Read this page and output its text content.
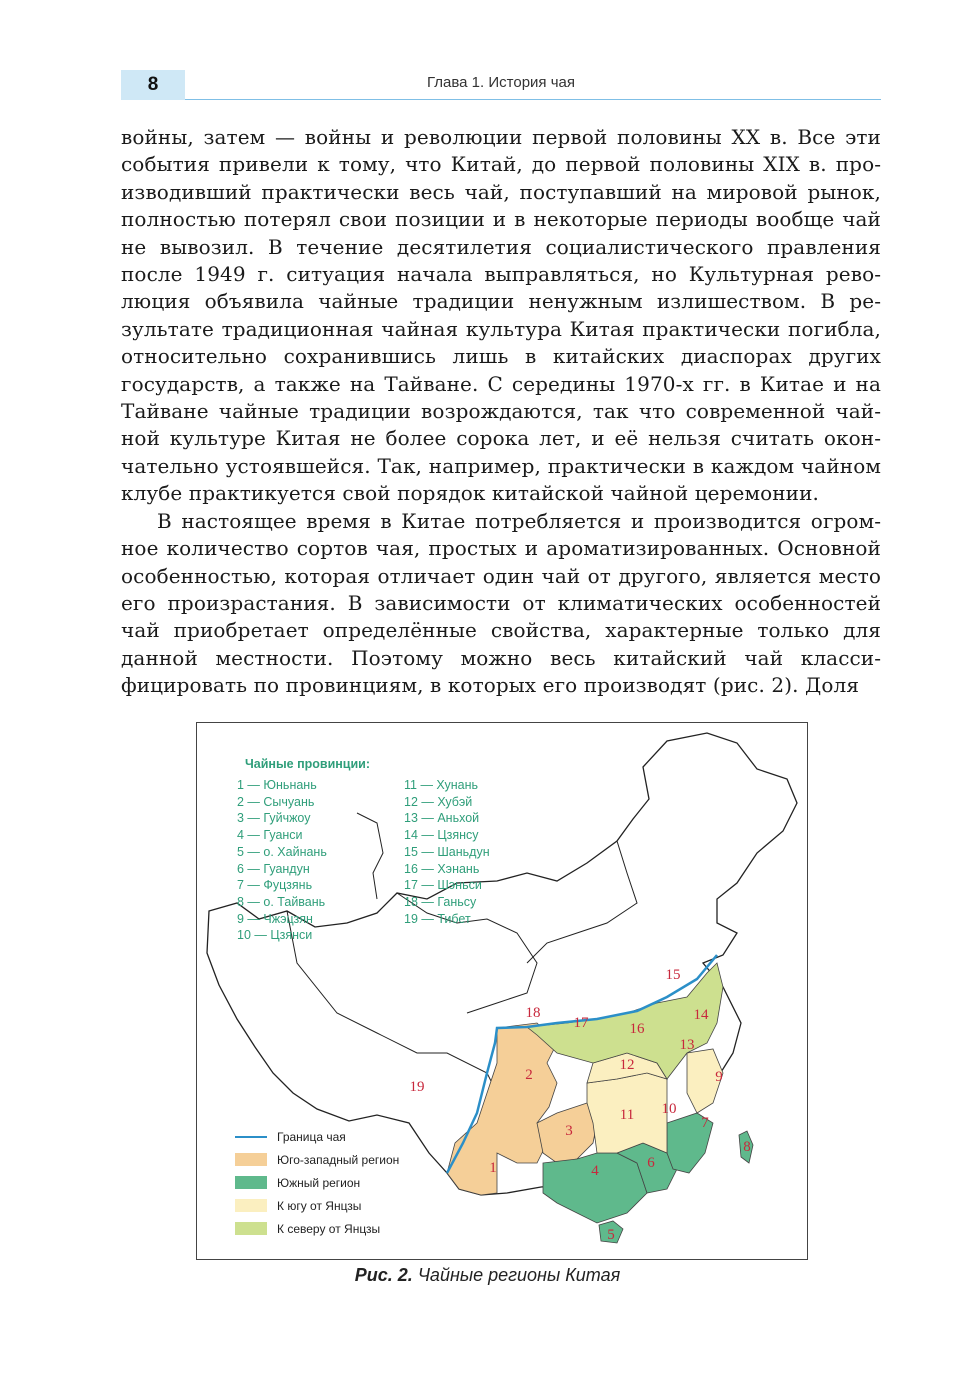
8	Глава 1. История чая

войны, затем — войны и революции первой половины XX в. Все эти события привели к тому, что Китай, до первой половины XIX в. производивший практически весь чай, поступавший на мировой рынок, полностью потерял свои позиции и в некоторые периоды вообще чай не вывозил. В течение десятилетия социалистического правления после 1949 г. ситуация начала выправляться, но Культурная революция объявила чайные традиции ненужным излишеством. В результате традиционная чайная культура Китая практически погибла, относительно сохранившись лишь в китайских диаспорах других государств, а также на Тайване. С середины 1970-х гг. в Китае и на Тайване чайные традиции возрождаются, так что современной чайной культуре Китая не более сорока лет, и её нельзя считать окончательно устоявшейся. Так, например, практически в каждом чайном клубе практикуется свой порядок китайской чайной церемонии.

В настоящее время в Китае потребляется и производится огромное количество сортов чая, простых и ароматизированных. Основной особенностью, которая отличает один чай от другого, является место его произрастания. В зависимости от климатических особенностей чай приобретает определённые свойства, характерные только для данной местности. Поэтому можно весь китайский чай классифицировать по провинциям, в которых его производят (рис. 2). Доля

1
2
3
4
5
6
7
8
9
10
11
12
13
14
15
16
17
18
19
Чайные провинции:
1 — Юньнань
2 — Сычуань
3 — Гуйчжоу
4 — Гуанси
5 — о. Хайнань
6 — Гуандун
7 — Фуцзянь
8 — о. Тайвань
9 — Чжэцзян
10 — Цзянси
11 — Хунань
12 — Хубэй
13 — Аньхой
14 — Цзянсу
15 — Шаньдун
16 — Хэнань
17 — Шэньси
18 — Ганьсу
19 — Тибет
Граница чая
Юго-западный регион
Южный регион
К югу от Янцзы
К северу от Янцзы
Рис. 2. Чайные регионы Китая
